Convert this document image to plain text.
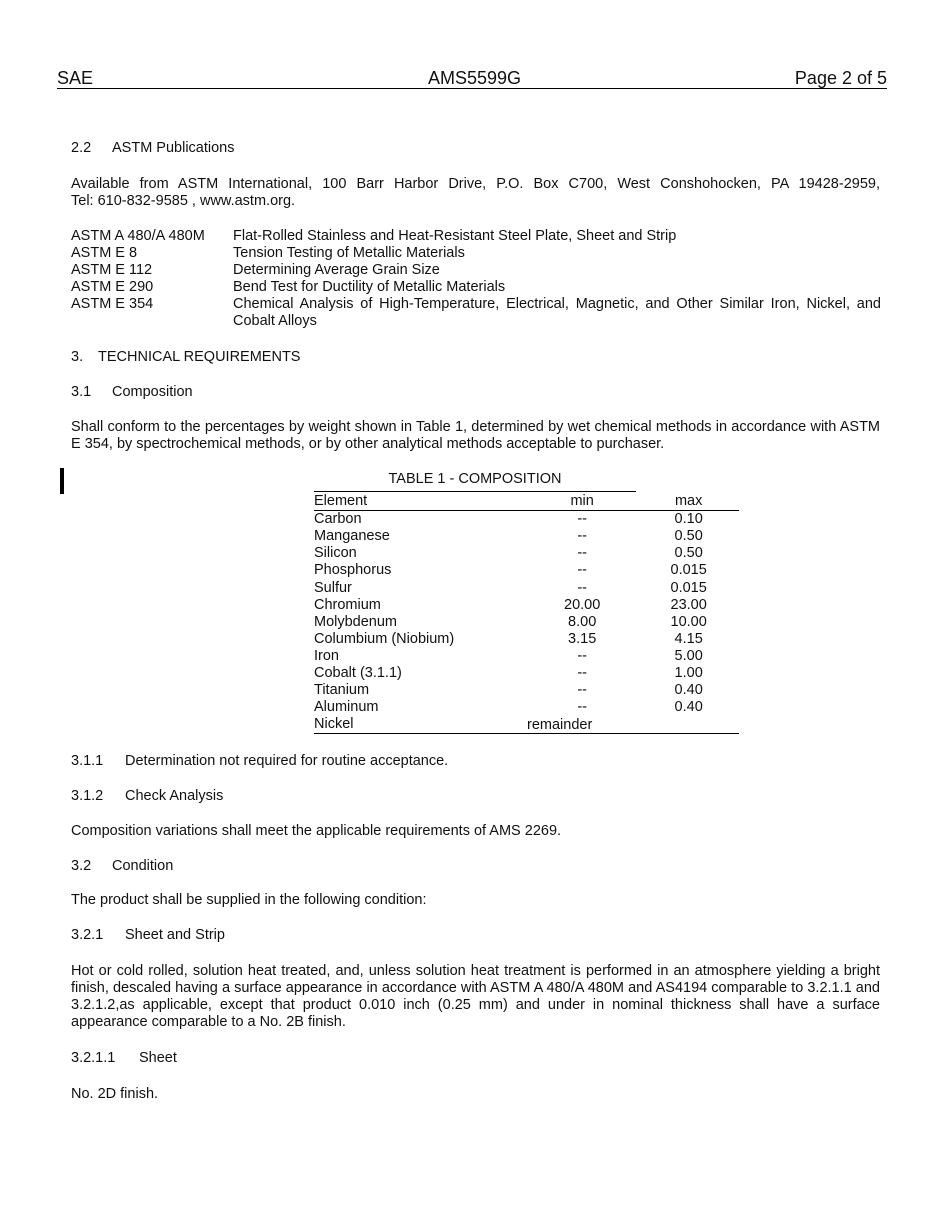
SAE	AMS5599G	Page 2 of 5
2.2 ASTM Publications
Available from ASTM International, 100 Barr Harbor Drive, P.O. Box C700, West Conshohocken, PA 19428-2959,
Tel: 610-832-9585 , www.astm.org.
ASTM A 480/A 480M	Flat-Rolled Stainless and Heat-Resistant Steel Plate, Sheet and Strip
ASTM E 8	Tension Testing of Metallic Materials
ASTM E 112	Determining Average Grain Size
ASTM E 290	Bend Test for Ductility of Metallic Materials
ASTM E 354	Chemical Analysis of High-Temperature, Electrical, Magnetic, and Other Similar Iron, Nickel, and Cobalt Alloys
3. TECHNICAL REQUIREMENTS
3.1 Composition
Shall conform to the percentages by weight shown in Table 1, determined by wet chemical methods in accordance with ASTM E 354, by spectrochemical methods, or by other analytical methods acceptable to purchaser.
TABLE 1 - COMPOSITION
Element	min	max
Carbon	--	0.10
Manganese	--	0.50
Silicon	--	0.50
Phosphorus	--	0.015
Sulfur	--	0.015
Chromium	20.00	23.00
Molybdenum	8.00	10.00
Columbium (Niobium)	3.15	4.15
Iron	--	5.00
Cobalt (3.1.1)	--	1.00
Titanium	--	0.40
Aluminum	--	0.40
Nickel			remainder
3.1.1 Determination not required for routine acceptance.
3.1.2 Check Analysis
Composition variations shall meet the applicable requirements of AMS 2269.
3.2 Condition
The product shall be supplied in the following condition:
3.2.1 Sheet and Strip
Hot or cold rolled, solution heat treated, and, unless solution heat treatment is performed in an atmosphere yielding a bright finish, descaled having a surface appearance in accordance with ASTM A 480/A 480M and AS4194 comparable to 3.2.1.1 and 3.2.1.2,as applicable, except that product 0.010 inch (0.25 mm) and under in nominal thickness shall have a surface appearance comparable to a No. 2B finish.
3.2.1.1 Sheet
No. 2D finish.
